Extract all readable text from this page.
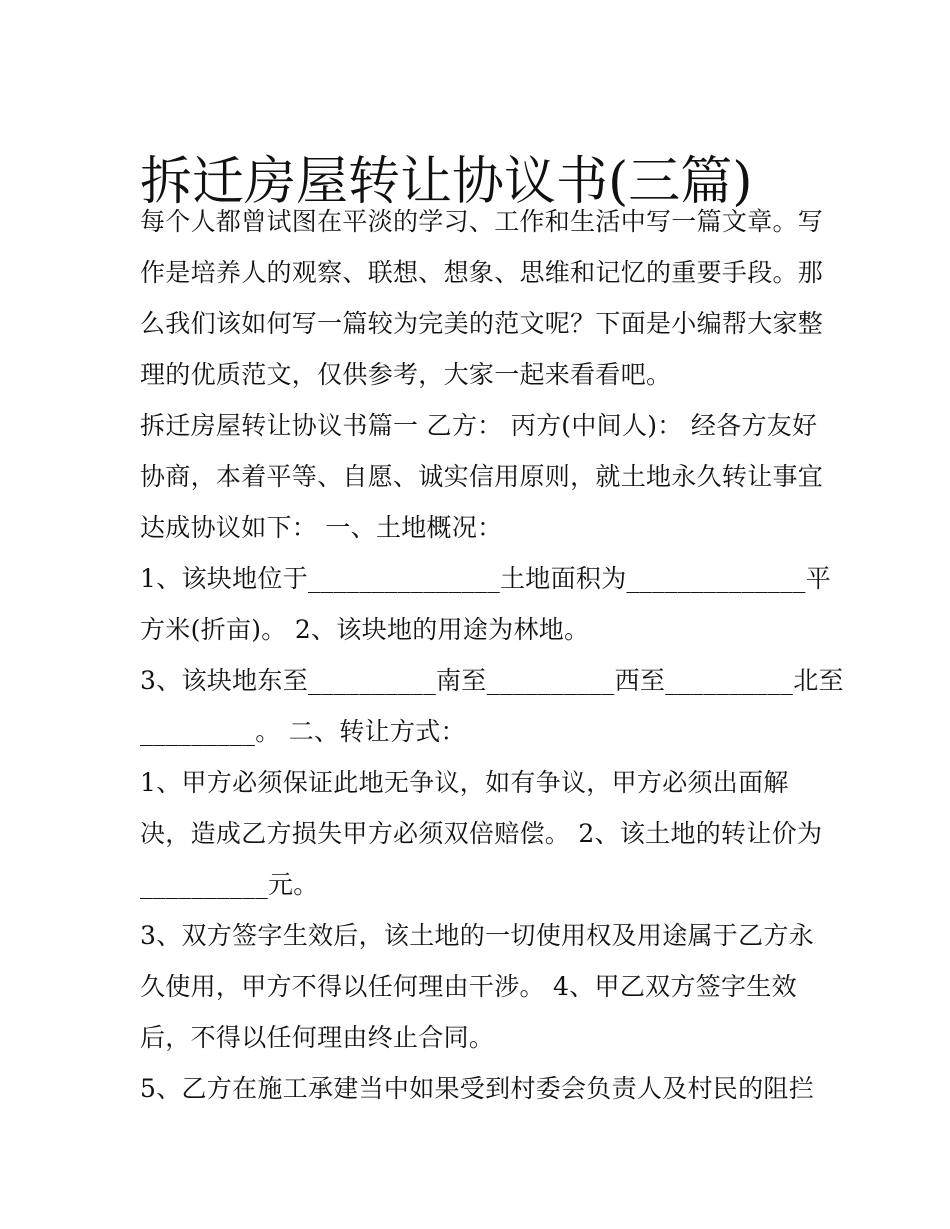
拆迁房屋转让协议书(三篇)
每个人都曾试图在平淡的学习、工作和生活中写一篇文章。写
作是培养人的观察、联想、想象、思维和记忆的重要手段。那
么我们该如何写一篇较为完美的范文呢？下面是小编帮大家整
理的优质范文，仅供参考，大家一起来看看吧。
拆迁房屋转让协议书篇一 乙方： 丙方(中间人)： 经各方友好
协商，本着平等、自愿、诚实信用原则，就土地永久转让事宜
达成协议如下： 一、土地概况：
1、该块地位于_______________土地面积为______________平
方米(折亩)。 2、该块地的用途为林地。
3、该块地东至__________南至__________西至__________北至
_________。 二、转让方式：
1、甲方必须保证此地无争议，如有争议，甲方必须出面解
决，造成乙方损失甲方必须双倍赔偿。 2、该土地的转让价为
__________元。
3、双方签字生效后，该土地的一切使用权及用途属于乙方永
久使用，甲方不得以任何理由干涉。 4、甲乙双方签字生效
后，不得以任何理由终止合同。
5、乙方在施工承建当中如果受到村委会负责人及村民的阻拦
